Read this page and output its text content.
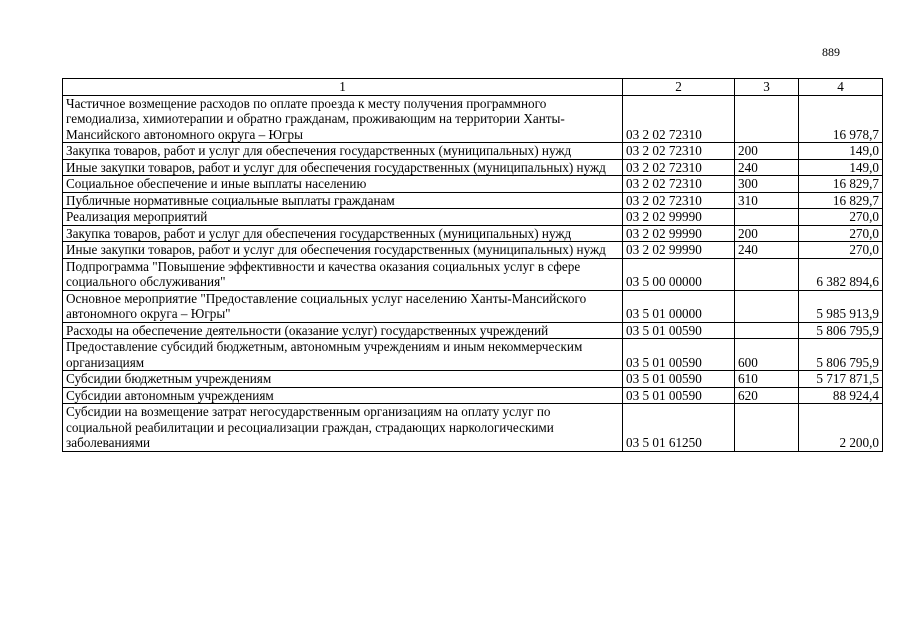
889
1	2	3	4
Частичное возмещение расходов по оплате проезда к месту получения программного гемодиализа, химиотерапии и обратно гражданам, проживающим на территории Ханты-Мансийского автономного округа – Югры	03 2 02 72310		16 978,7
Закупка товаров, работ и услуг для обеспечения государственных (муниципальных) нужд	03 2 02 72310	200	149,0
Иные закупки товаров, работ и услуг для обеспечения государственных (муниципальных) нужд	03 2 02 72310	240	149,0
Социальное обеспечение и иные выплаты населению	03 2 02 72310	300	16 829,7
Публичные нормативные социальные выплаты гражданам	03 2 02 72310	310	16 829,7
Реализация мероприятий	03 2 02 99990		270,0
Закупка товаров, работ и услуг для обеспечения государственных (муниципальных) нужд	03 2 02 99990	200	270,0
Иные закупки товаров, работ и услуг для обеспечения государственных (муниципальных) нужд	03 2 02 99990	240	270,0
Подпрограмма "Повышение эффективности и качества оказания социальных услуг в сфере социального обслуживания"	03 5 00 00000		6 382 894,6
Основное мероприятие "Предоставление социальных услуг населению Ханты-Мансийского автономного округа – Югры"	03 5 01 00000		5 985 913,9
Расходы на обеспечение деятельности (оказание услуг) государственных учреждений	03 5 01 00590		5 806 795,9
Предоставление субсидий бюджетным, автономным учреждениям и иным некоммерческим организациям	03 5 01 00590	600	5 806 795,9
Субсидии бюджетным учреждениям	03 5 01 00590	610	5 717 871,5
Субсидии автономным учреждениям	03 5 01 00590	620	88 924,4
Субсидии на возмещение затрат негосударственным организациям на оплату услуг по социальной реабилитации и ресоциализации граждан, страдающих наркологическими заболеваниями	03 5 01 61250		2 200,0
